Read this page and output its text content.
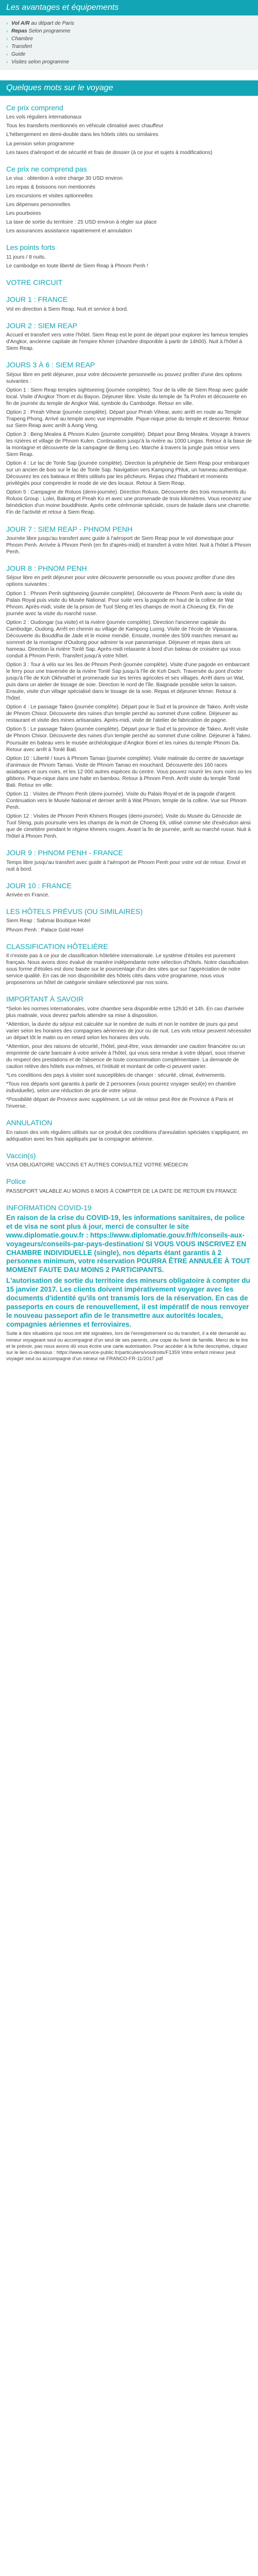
Les avantages et équipements
› Vol A/R au départ de Paris
› Repas Selon programme
› Chambre
› Transfert
› Guide
› Visites selon programme
Quelques mots sur le voyage
Ce prix comprend

Les vols réguliers internationaux

Tous les transferts mentionnés en véhicule climatisé avec chauffeur

L'hébergement en demi-double dans les hôtels cités ou similaires

La pension selon programme

Les taxes d'aéroport et de sécurité et frais de dossier (à ce jour et sujets à modifications)

Ce prix ne comprend pas

Le visa : obtention à votre charge 30 USD environ

Les repas & boissons non mentionnés

Les excursions et visites optionnelles

Les dépenses personnelles

Les pourboires

La taxe de sortie du territoire : 25 USD environ à régler sur place

Les assurances assistance rapatriement et annulation

Les points forts

11 jours / 8 nuits.

Le cambodge en toute liberté de Siem Reap à Phnom Penh !

VOTRE CIRCUIT
JOUR 1 : FRANCE

Vol en direction à Siem Reap. Nuit et service à bord.

JOUR 2 : SIEM REAP

Accueil et transfert vers votre l'hôtel. Siem Reap est le point de départ pour explorer les fameux temples d'Angkor, ancienne capitale de l'empire Khmer (chambre disponible à partir de 14h00). Nuit à l'hôtel à Siem Reap.

JOURS 3 À 6 : SIEM REAP

Séjour libre en petit déjeuner, pour votre découverte personnelle ou pouvez profiter d'une des options suivantes :

Option 1 : Siem Reap temples sightseeing (journée complète). Tour de la ville de Siem Reap avec guide local. Visite d'Angkor Thom et du Bayon. Déjeuner libre. Visite du temple de Ta Prohm et découverte en fin de journée du temple de Angkor Wat, symbole du Cambodge. Retour en ville.

Option 2 : Preah Vihear (journée complète). Départ pour Preah Vihear, avec arrêt en route au Temple Trapeng Phong. Arrivé au temple avec vue imprenable. Pique-nique prise du temple et descente. Retour sur Siem Reap avec arrêt à Aong Veng.

Option 3 : Beng Mealea & Phnom Kulen (journée complète). Départ pour Beng Mealea. Voyage à travers les rizières et village de Phnom Kulen. Continuation jusqu'à la rivière au 1000 Lingas. Retour à la base de la montagne et découverte de la campagne de Beng Leo. Marche à travers la jungle puis retour vers Siem Reap.

Option 4 : Le lac de Tonle Sap (journée complète). Direction la périphérie de Siem Reap pour embarquer sur un ancien de bois sur le lac de Tonle Sap. Navigation vers Kampong Phluk, un hameau authentique. Découvrez les ces bateaux et fêtés utilisés par les pêcheurs. Repas chez l'habitant et moments privilégiés pour comprendre le mode de vie des locaux. Retour à Siem Reap.

Option 5 : Campagne de Roluos (demi-journée). Direction Roluos. Découverte des trois monuments du Roluos Group : Lolei, Bakong et Preah Ko et avec une promenade de trois kilomètres. Vous recevrez une bénédiction d'un moine bouddhiste. Après cette cérémonie spéciale, cours de balade dans une charrette. Fin de l'activité et retour à Siem Reap.

JOUR 7 : SIEM REAP - PHNOM PENH

Journée libre jusqu'au transfert avec guide à l'aéroport de Siem Reap pour le vol domestique pour Phnom Penh. Arrivée à Phnom Penh (en fin d'après-midi) et transfert à votre hôtel. Nuit à l'hôtel à Phnom Penh.

JOUR 8 : PHNOM PENH

Séjour libre en petit déjeuner pour votre découverte personnelle ou vous pouvez profiter d'une des options suivantes :

Option 1 : Phnom Penh sightseeing (journée complète). Découverte de Phnom Penh avec la visite du Palais Royal puis visite du Musée National. Pour suite vers la pagode en haut de la colline de Wat Phnom. Après-midi, visite de la prison de Tuol Sleng et les champs de mort à Choeung Ek. Fin de journée avec la visite du marché russe.

Option 2 : Oudongar (sa visite) et la rivière (journée complète). Direction l'ancienne capitale du Cambodge, Oudong. Arrêt en chemin au village de Kampong Luong. Visite de l'école de Vipassana. Découverte du Bouddha de Jade et le moine mendié. Ensuite, montée des 509 marches menant au sommet de la montagne d'Oudong pour admirer la vue panoramique. Déjeuner et repas dans un hameau. Direction la rivière Tonlé Sap. Après-midi relaxante à bord d'un bateau de croisière qui vous conduit à Phnom Penh. Transfert jusqu'à votre hôtel.

Option 3 : Tour à vélo sur les îles de Phnom Penh (journée complète). Visite d'une pagode en embarcant le ferry pour une traversée de la rivière Tonlé Sap jusqu'à l'île de Koh Dach. Traversée du pont d'octer jusqu'à l'île de Koh Okhnathel et promenade sur les terres agricoles et ses villages. Arrêt dans un Wat, puis dans un atelier de tissage de soie. Direction le nord de l'île. Baignade possible selon la saison. Ensuite, visite d'un village spécialisé dans le tissage de la soie. Repas et déjeuner khmer. Retour à l'hôtel.

Option 4 : Le passage Takeo (journée complète). Départ pour le Sud et la province de Takeo. Arrêt visite de Phnom Chisor. Découverte des ruines d'un temple perché au sommet d'une colline. Déjeuner au restaurant et visite des mines artisanales. Après-midi, visite de l'atelier de fabrication de pagne.

Option 5 : Le passage Takeo (journée complète). Départ pour le Sud et la province de Takeo. Arrêt visite de Phnom Chisor. Découverte des ruines d'un temple perché au sommet d'une colline. Déjeuner à Takeo. Poursuite en bateau vers le musée archéologique d'Angkor Borei et les ruines du temple Phnom Da. Retour avec arrêt à Tonlé Bati.

Option 10 : Liberté / tours à Phnom Tamao (journée complète). Visite matinale du centre de sauvetage d'animaux de Phnom Tamao. Visite de Phnom Tamao en mouchard. Découverte des 160 races asiatiques et ours noirs, et les 12 000 autres espèces du centre. Vous pouvez nourrir les ours noirs ou les gibbons. Pique-nique dans une halte en bambou. Retour à Phnom Penh. Arrêt visite du temple Tonlé Bati. Retour en ville.

Option 11 : Visites de Phnom Penh (demi-journée). Visite du Palais Royal et de la pagode d'argent. Continuation vers le Musée National et dernier arrêt à Wat Phnom, temple de la colline. Vue sur Phnom Penh.

Option 12 : Visites de Phnom Penh Khmers Rouges (demi-journée). Visite du Musée du Génocide de Tuol Sleng, puis poursuite vers les champs de la mort de Choeng Ek, utilisé comme site d'exécution ainsi que de cimetière pendant le régime khmers rouges. Avant la fin de journée, arrêt au marché russe. Nuit à l'hôtel à Phnom Penh.

JOUR 9 : PHNOM PENH - FRANCE

Temps libre jusqu'au transfert avec guide à l'aéroport de Phnom Penh pour votre vol de retour. Envol et nuit à bord.

JOUR 10 : FRANCE

Arrivée en France.

LES HÔTELS PRÉVUS (OU SIMILAIRES)

Siem Reap : Sabmai Boutique Hotel

Phnom Penh : Palace Gold Hotel

CLASSIFICATION HÔTELIÈRE

Il n'existe pas à ce jour de classification hôtelière internationale. Le système d'étoiles est purement français. Nous avons donc évalué de manière indépendante notre sélection d'hôtels. Notre classification sous forme d'étoiles est donc basée sur le pourcentage d'un des sites que sur l'appréciation de notre service qualité. En cas de non disponibilité des hôtels cités dans votre programme, nous vous proposerons un hôtel de catégorie similaire sélectionné par nos soins.

IMPORTANT À SAVOIR

*Selon les normes internationales, votre chambre sera disponible entre 12h30 et 14h. En cas d'arrivée plus matinale, vous devrez parfois attendre sa mise à disposition.

*Attention, la durée du séjour est calculée sur le nombre de nuits et non le nombre de jours qui peut varier selon les horaires des compagnies aériennes de jour ou de nuit. Les vols retour peuvent nécessiter un départ tôt le matin ou en retard selon les horaires des vols.

*Attention, pour des raisons de sécurité, l'hôtel, peut-être, vous demander une caution financière ou un empreinte de carte bancaire à votre arrivée à l'hôtel, qui vous sera rendue à votre départ, sous réserve du respect des prestations et de l'absence de toute consommation complémentaire. La demande de caution relève des hôtels eux-mêmes, et l'intitulé et montant de celle-ci peuvent varier.

*Les conditions des pays à visiter sont susceptibles de changer : sécurité, climat, évènements.

*Tous nos départs sont garantis à partir de 2 personnes (vous pourrez voyager seul(e) en chambre individuelle), selon une réduction de prix de votre séjour.

*Possibilité départ de Province avec supplément. Le vol de retour peut être de Province à Paris et l'inverse.

ANNULATION

En raison des vols réguliers utilisés sur ce produit des conditions d'annulation spéciales s'appliquent, en adéquation avec les frais appliqués par la compagnie aérienne.

Vaccin(s)

VISA OBLIGATOIRE VACCINS ET AUTRES CONSULTEZ VOTRE MÉDECIN

Police

PASSEPORT VALABLE AU MOINS 6 MOIS À COMPTER DE LA DATE DE RETOUR EN FRANCE

INFORMATION COVID-19

En raison de la crise du COVID-19, les informations sanitaires, de police et de visa ne sont plus à jour, merci de consulter le site www.diplomatie.gouv.fr : https://www.diplomatie.gouv.fr/fr/conseils-aux-voyageurs/conseils-par-pays-destination/ SI VOUS VOUS INSCRIVEZ EN CHAMBRE INDIVIDUELLE (single), nos départs étant garantis à 2 personnes minimum, votre réservation POURRA ÊTRE ANNULÉE À TOUT MOMENT FAUTE DAU MOINS 2 PARTICIPANTS.

L'autorisation de sortie du territoire des mineurs obligatoire à compter du 15 janvier 2017. Les clients doivent impérativement voyager avec les documents d'identité qu'ils ont transmis lors de la réservation. En cas de passeports en cours de renouvellement, il est impératif de nous renvoyer le nouveau passeport afin de le transmettre aux autorités locales, compagnies aériennes et ferroviaires.

Suite à des situations qui nous ont été signalées, lors de l'enregistrement ou du transfert, il a été demandé au mineur voyageant seul ou accompagné d'un seul de ses parents, une copie du livret de famille. Merci de le lire et le prévoir, pas nous avons dû vous écrire une carte autorisation. Pour accéder à la fiche descriptive, cliquez sur le lien ci-dessous : https://www.service-public.fr/particuliers/vosdroits/F1359 Votre enfant mineur peut voyager seul ou accompagné d'un mineur né FRANCO-FR-11/2017.pdf
